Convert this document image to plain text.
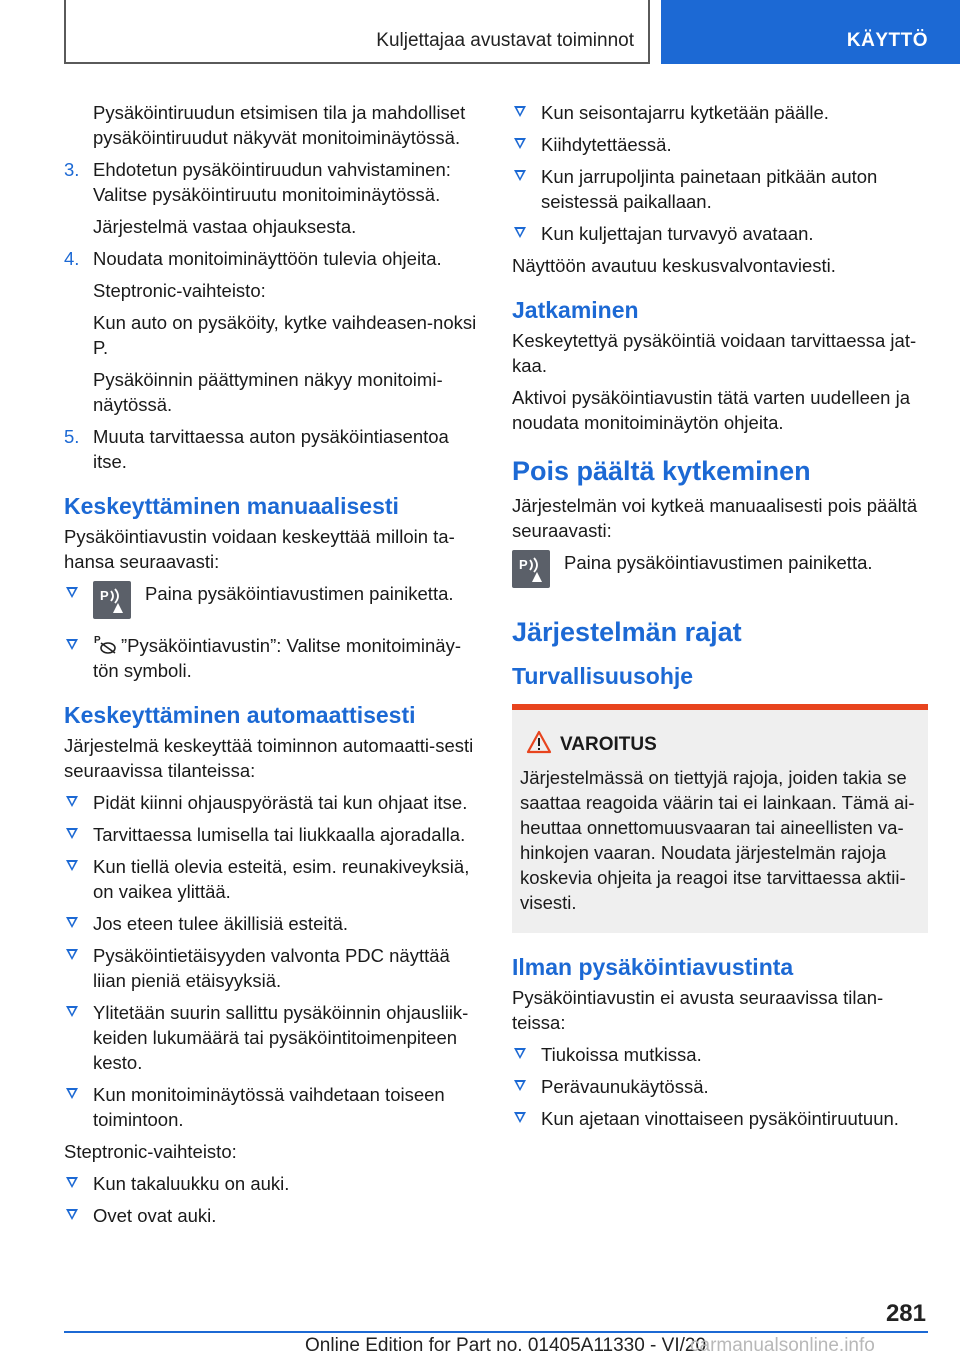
Kuljettajaa avustavat toiminnot	KÄYTTÖ

Pysäköintiruudun etsimisen tila ja mahdolliset pysäköintiruudut näkyvät monitoiminäytössä.

3. Ehdotetun pysäköintiruudun vahvistaminen: Valitse pysäköintiruutu monitoiminäytössä.

Järjestelmä vastaa ohjauksesta.

4. Noudata monitoiminäyttöön tulevia ohjeita.

Steptronic-vaihteisto:

Kun auto on pysäköity, kytke vaihdeasen-noksi P.

Pysäköinnin päättyminen näkyy monitoimi-näytössä.

5. Muuta tarvittaessa auton pysäköintiasentoa itse.
Keskeyttäminen manuaalisesti

Pysäköintiavustin voidaan keskeyttää milloin ta-hansa seuraavasti:

P Paina pysäköintiavustimen painiketta.
P ”Pysäköintiavustin”: Valitse monitoiminäy-tön symboli.
Keskeyttäminen automaattisesti

Järjestelmä keskeyttää toiminnon automaatti-sesti seuraavissa tilanteissa:

Pidät kiinni ohjauspyörästä tai kun ohjaat itse.
Tarvittaessa lumisella tai liukkaalla ajoradalla.
Kun tiellä olevia esteitä, esim. reunakiveyksiä, on vaikea ylittää.
Jos eteen tulee äkillisiä esteitä.
Pysäköintietäisyyden valvonta PDC näyttää liian pieniä etäisyyksiä.
Ylitetään suurin sallittu pysäköinnin ohjausliik-keiden lukumäärä tai pysäköintitoimenpiteen kesto.
Kun monitoiminäytössä vaihdetaan toiseen toimintoon.

Steptronic-vaihteisto:

Kun takaluukku on auki.
Ovet ovat auki.
Kun seisontajarru kytketään päälle.
Kiihdytettäessä.
Kun jarrupoljinta painetaan pitkään auton seistessä paikallaan.
Kun kuljettajan turvavyö avataan.

Näyttöön avautuu keskusvalvontaviesti.

Jatkaminen

Keskeytettyä pysäköintiä voidaan tarvittaessa jat-kaa.

Aktivoi pysäköintiavustin tätä varten uudelleen ja noudata monitoiminäytön ohjeita.

Pois päältä kytkeminen

Järjestelmän voi kytkeä manuaalisesti pois päältä seuraavasti:

P Paina pysäköintiavustimen painiketta.
Järjestelmän rajat
Turvallisuusohje
VAROITUS

Järjestelmässä on tiettyjä rajoja, joiden takia se saattaa reagoida väärin tai ei lainkaan. Tämä ai-heuttaa onnettomuusvaaran tai aineellisten va-hinkojen vaaran. Noudata järjestelmän rajoja koskevia ohjeita ja reagoi itse tarvittaessa aktii-visesti.

Ilman pysäköintiavustinta

Pysäköintiavustin ei avusta seuraavissa tilan-teissa:

Tiukoissa mutkissa.
Perävaunukäytössä.
Kun ajetaan vinottaiseen pysäköintiruutuun.
281
Online Edition for Part no. 01405A11330 - VI/20
carmanualsonline.info
